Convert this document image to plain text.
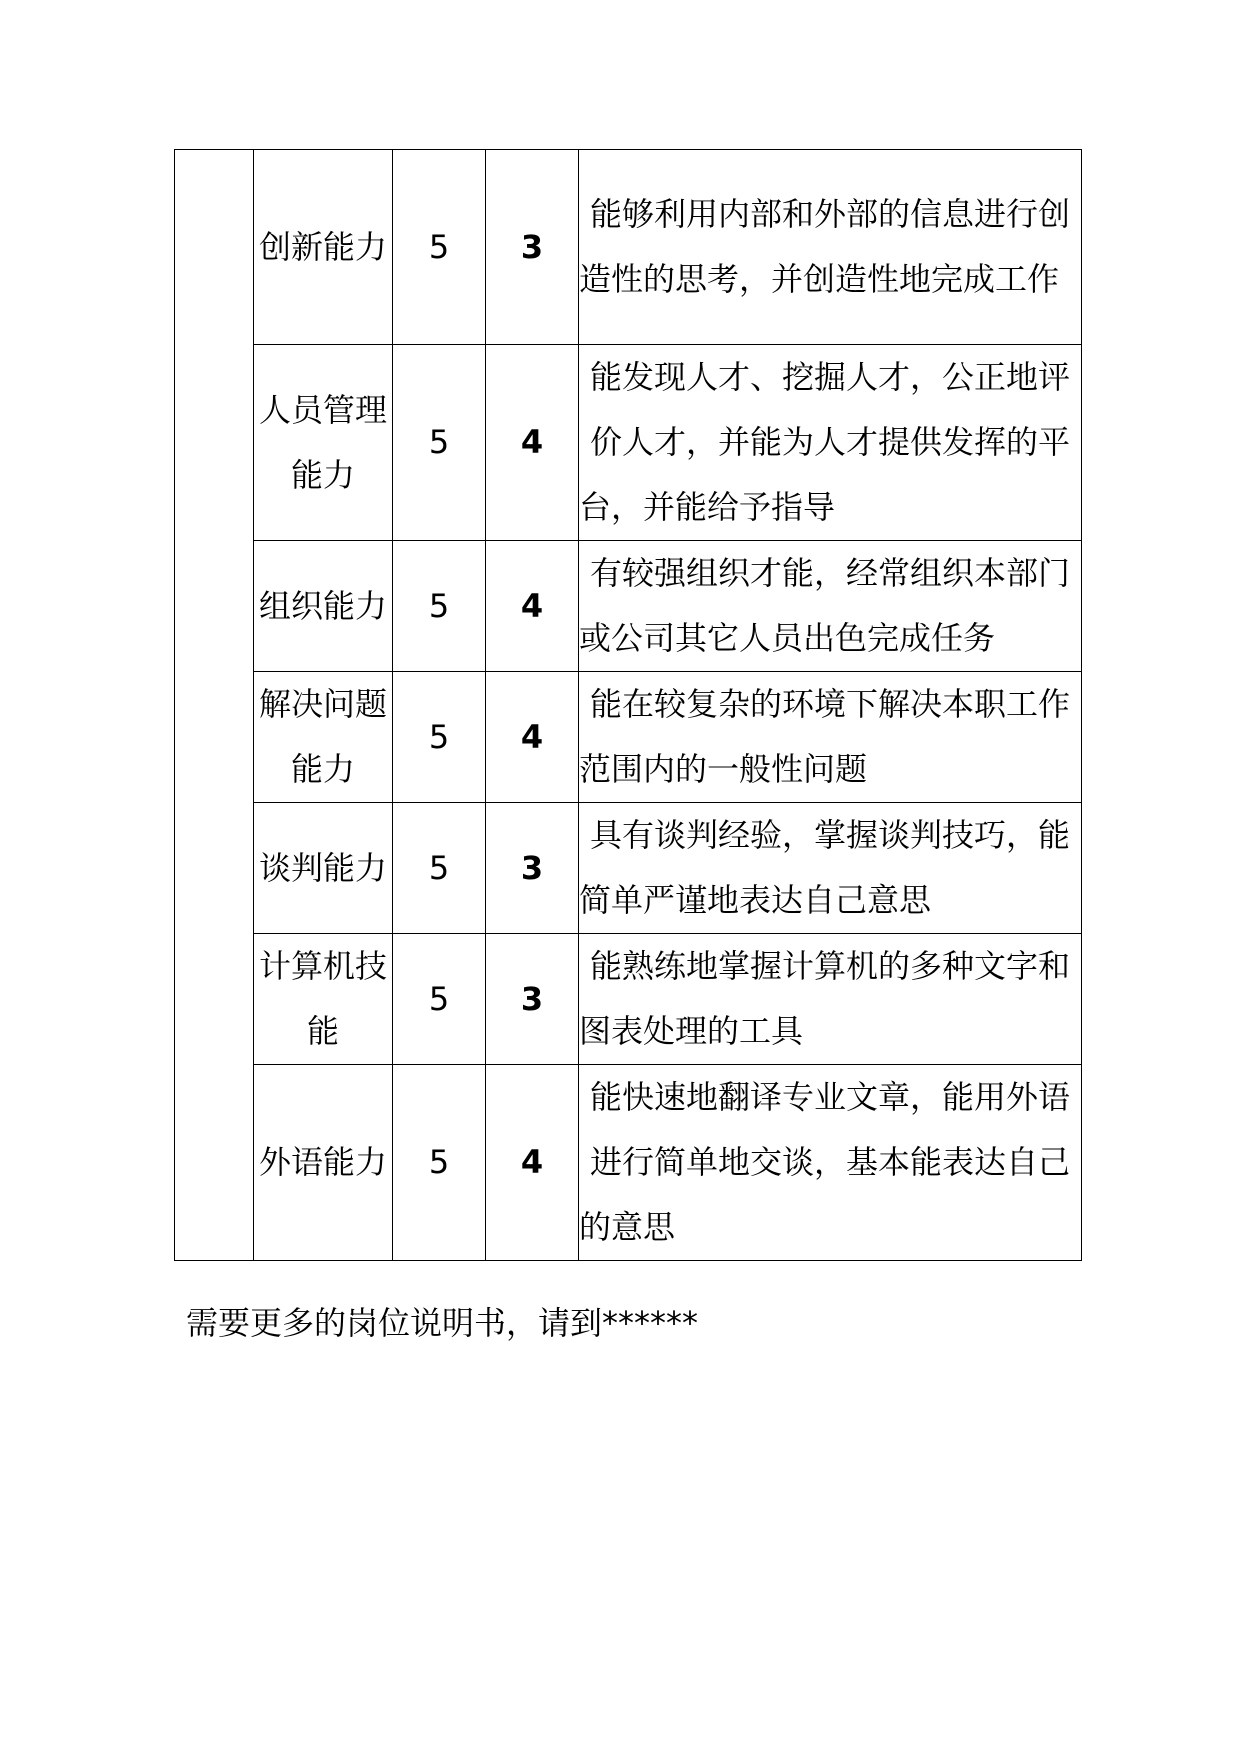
	创新能力	5	3	能够利用内部和外部的信息进行创造性的思考，并创造性地完成工作
	人员管理能力	5	4	能发现人才、挖掘人才，公正地评价人才，并能为人才提供发挥的平台，并能给予指导
	组织能力	5	4	有较强组织才能，经常组织本部门或公司其它人员出色完成任务
	解决问题能力	5	4	能在较复杂的环境下解决本职工作范围内的一般性问题
	谈判能力	5	3	具有谈判经验，掌握谈判技巧，能简单严谨地表达自己意思
	计算机技能	5	3	能熟练地掌握计算机的多种文字和图表处理的工具
	外语能力	5	4	能快速地翻译专业文章，能用外语进行简单地交谈，基本能表达自己的意思
需要更多的岗位说明书，请到******
